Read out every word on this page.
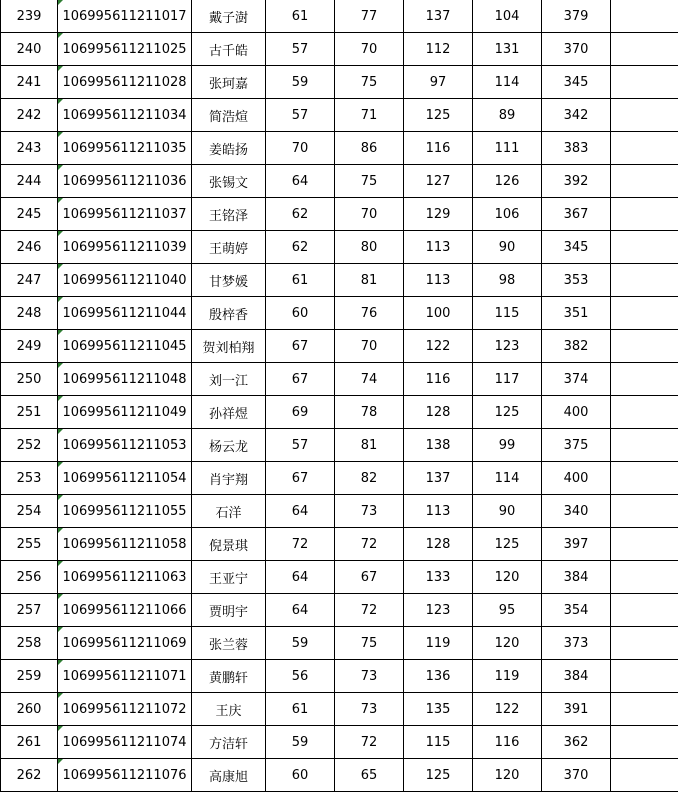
239	106995611211017	戴子澍	61	77	137	104	379	
240	106995611211025	古千皓	57	70	112	131	370	
241	106995611211028	张珂嘉	59	75	97	114	345	
242	106995611211034	简浩煊	57	71	125	89	342	
243	106995611211035	姜皓扬	70	86	116	111	383	
244	106995611211036	张锡文	64	75	127	126	392	
245	106995611211037	王铭泽	62	70	129	106	367	
246	106995611211039	王萌婷	62	80	113	90	345	
247	106995611211040	甘梦媛	61	81	113	98	353	
248	106995611211044	殷梓香	60	76	100	115	351	
249	106995611211045	贺刘柏翔	67	70	122	123	382	
250	106995611211048	刘一江	67	74	116	117	374	
251	106995611211049	孙祥煜	69	78	128	125	400	
252	106995611211053	杨云龙	57	81	138	99	375	
253	106995611211054	肖宇翔	67	82	137	114	400	
254	106995611211055	石洋	64	73	113	90	340	
255	106995611211058	倪景琪	72	72	128	125	397	
256	106995611211063	王亚宁	64	67	133	120	384	
257	106995611211066	贾明宇	64	72	123	95	354	
258	106995611211069	张兰蓉	59	75	119	120	373	
259	106995611211071	黄鹏轩	56	73	136	119	384	
260	106995611211072	王庆	61	73	135	122	391	
261	106995611211074	方洁轩	59	72	115	116	362	
262	106995611211076	高康旭	60	65	125	120	370	
